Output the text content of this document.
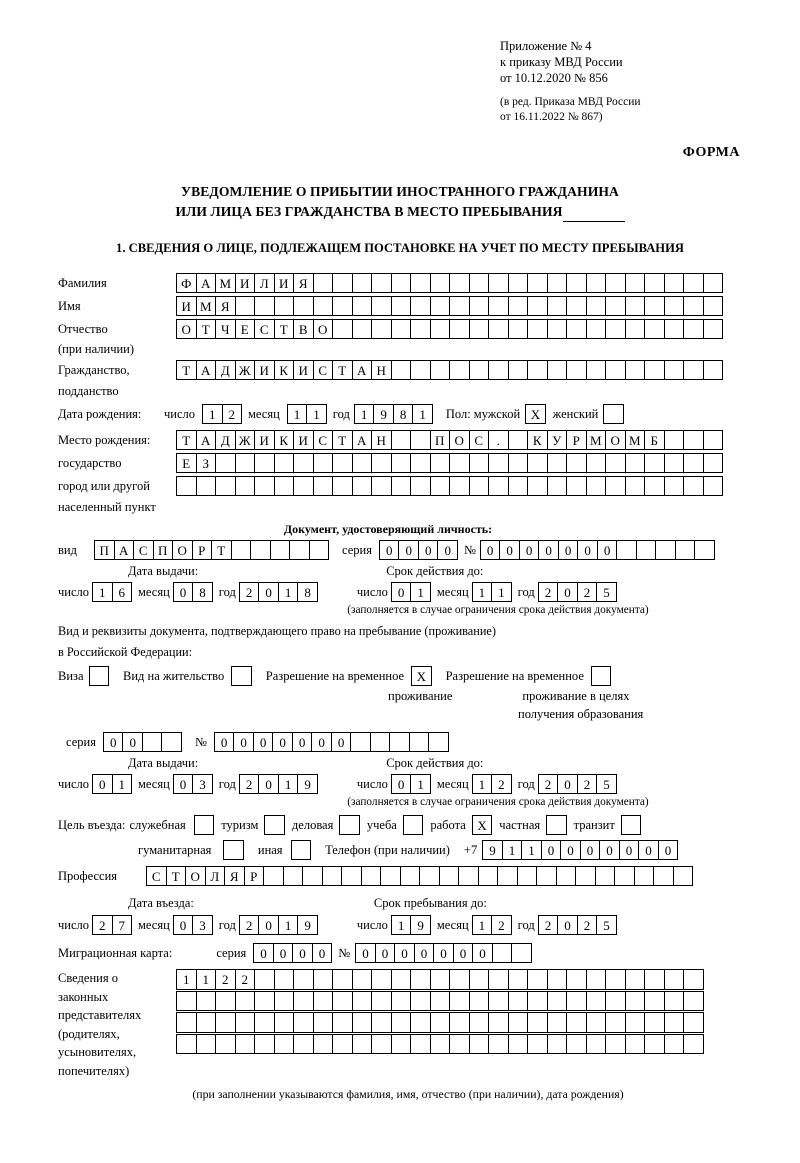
Приложение № 4
к приказу МВД России
от 10.12.2020 № 856
(в ред. Приказа МВД России
от 16.11.2022 № 867)
ФОРМА
УВЕДОМЛЕНИЕ О ПРИБЫТИИ ИНОСТРАННОГО ГРАЖДАНИНА
ИЛИ ЛИЦА БЕЗ ГРАЖДАНСТВА В МЕСТО ПРЕБЫВАНИЯ
1. СВЕДЕНИЯ О ЛИЦЕ, ПОДЛЕЖАЩЕМ ПОСТАНОВКЕ НА УЧЕТ ПО МЕСТУ ПРЕБЫВАНИЯ
Фамилия	Ф А М И Л И Я
Имя	И М Я
Отчество	О Т Ч Е С Т В О
(при наличии)
Гражданство,	Т А Д Ж И К И С Т А Н
подданство
Дата рождения:	число	1	2	месяц	1	1	год 1	9	8	1	Пол: мужской X	женский
Место рождения:	Т А Д Ж И К И С Т А Н	П О С	.	К У Р М О М Б
государство	Е З
город или другой
населенный пункт
Документ, удостоверяющий личность:
вид	П А С П О Р Т	серия	0	0	0	0	№ 0	0	0	0	0	0	0
Дата выдачи:	Срок действия до:
число 1	6	месяц 0	8	год 2	0	1	8	число 0	1	месяц 1	1	год 2	0	2	5
(заполняется в случае ограничения срока действия документа)
Вид и реквизиты документа, подтверждающего право на пребывание (проживание)
в Российской Федерации:
Виза	Вид на жительство	Разрешение на временное X	Разрешение на временное
проживание	проживание в целях
получения образования
серия	0	0	№	0	0	0	0	0	0	0
Дата выдачи:	Срок действия до:
число 0	1	месяц 0	3	год 2	0	1	9	число 0	1	месяц 1	2	год 2	0	2	5
(заполняется в случае ограничения срока действия документа)
Цель въезда: служебная	туризм	деловая	учеба	работа X	частная	транзит
гуманитарная	иная	Телефон (при наличии) +7 9	1	1	0	0	0	0	0	0	0
Профессия	С Т О Л Я Р
Дата въезда:	Срок пребывания до:
число 2	7	месяц 0	3	год 2	0	1	9	число 1	9	месяц 1	2	год 2	0	2	5
Миграционная карта:	серия	0	0	0	0	№ 0	0	0	0	0	0	0
Сведения о
законных
представителях
(родителях,
усыновителях,
попечителях)
1	1	2	2
(при заполнении указываются фамилия, имя, отчество (при наличии), дата рождения)
